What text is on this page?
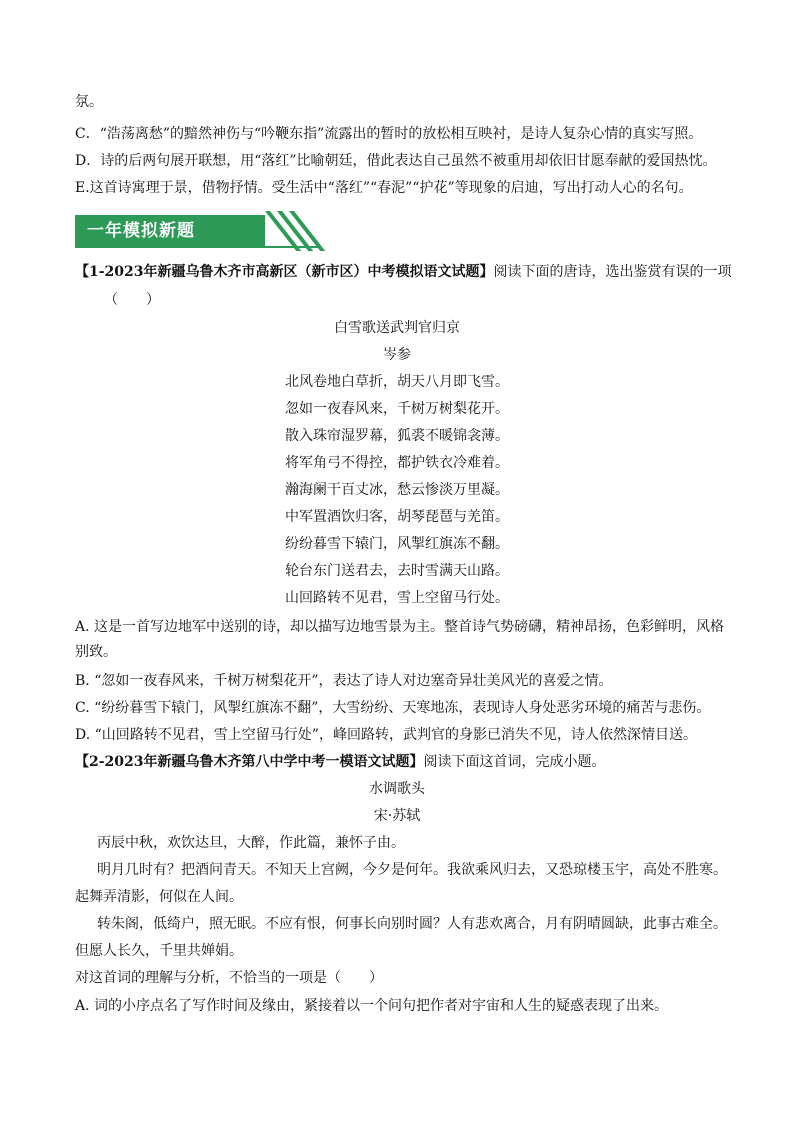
氛。
C．“浩荡离愁”的黯然神伤与“吟鞭东指”流露出的暂时的放松相互映衬，是诗人复杂心情的真实写照。
D．诗的后两句展开联想，用“落红”比喻朝廷，借此表达自己虽然不被重用却依旧甘愿奉献的爱国热忱。
E.这首诗寓理于景，借物抒情。受生活中“落红”“春泥”“护花”等现象的启迪，写出打动人心的名句。
一年模拟新题
【1-2023年新疆乌鲁木齐市高新区（新市区）中考模拟语文试题】阅读下面的唐诗，选出鉴赏有误的一项
（　　）
白雪歌送武判官归京
岑参
北风卷地白草折，胡天八月即飞雪。
忽如一夜春风来，千树万树梨花开。
散入珠帘湿罗幕，狐裘不暖锦衾薄。
将军角弓不得控，都护铁衣冷难着。
瀚海阑干百丈冰，愁云惨淡万里凝。
中军置酒饮归客，胡琴琵琶与羌笛。
纷纷暮雪下辕门，风掣红旗冻不翻。
轮台东门送君去，去时雪满天山路。
山回路转不见君，雪上空留马行处。
A. 这是一首写边地军中送别的诗，却以描写边地雪景为主。整首诗气势磅礴，精神昂扬，色彩鲜明，风格
别致。
B. “忽如一夜春风来，千树万树梨花开”，表达了诗人对边塞奇异壮美风光的喜爱之情。
C. “纷纷暮雪下辕门，风掣红旗冻不翻”，大雪纷纷、天寒地冻，表现诗人身处恶劣环境的痛苦与悲伤。
D. “山回路转不见君，雪上空留马行处”，峰回路转，武判官的身影已消失不见，诗人依然深情目送。
【2-2023年新疆乌鲁木齐第八中学中考一模语文试题】阅读下面这首词，完成小题。
水调歌头
宋·苏轼
丙辰中秋，欢饮达旦，大醉，作此篇，兼怀子由。
明月几时有？把酒问青天。不知天上宫阙，今夕是何年。我欲乘风归去，又恐琼楼玉宇，高处不胜寒。
起舞弄清影，何似在人间。
转朱阁，低绮户，照无眠。不应有恨，何事长向别时圆？人有悲欢离合，月有阴晴圆缺，此事古难全。
但愿人长久，千里共婵娟。
对这首词的理解与分析，不恰当的一项是（　　）
A. 词的小序点名了写作时间及缘由，紧接着以一个问句把作者对宇宙和人生的疑惑表现了出来。
